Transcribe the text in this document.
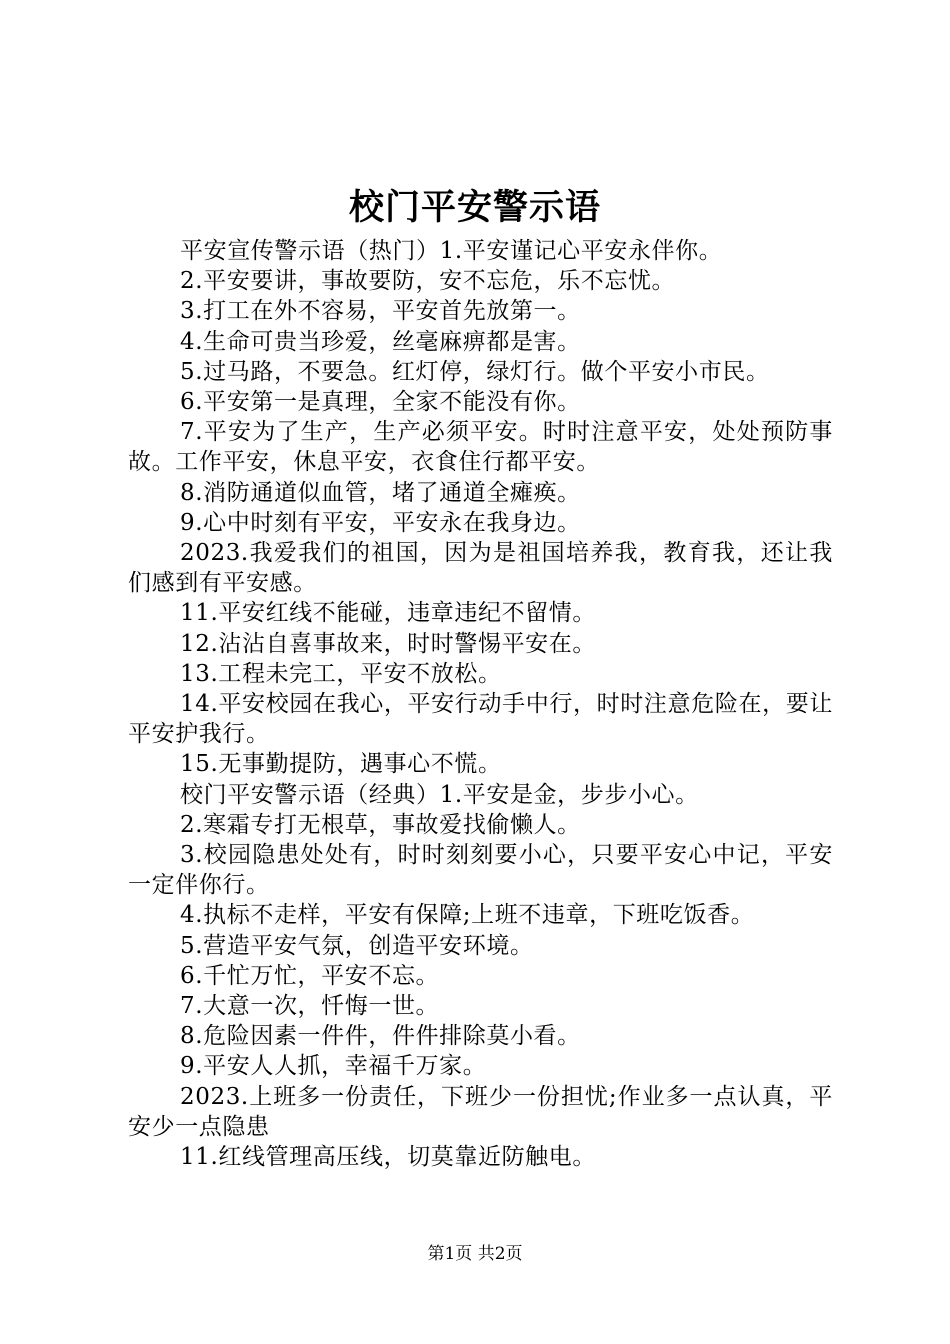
校门平安警示语

平安宣传警示语（热门）1.平安谨记心平安永伴你。

2.平安要讲，事故要防，安不忘危，乐不忘忧。

3.打工在外不容易，平安首先放第一。

4.生命可贵当珍爱，丝毫麻痹都是害。

5.过马路，不要急。红灯停，绿灯行。做个平安小市民。

6.平安第一是真理，全家不能没有你。

7.平安为了生产，生产必须平安。时时注意平安，处处预防事故。工作平安，休息平安，衣食住行都平安。

8.消防通道似血管，堵了通道全瘫痪。

9.心中时刻有平安，平安永在我身边。

2023.我爱我们的祖国，因为是祖国培养我，教育我，还让我们感到有平安感。

11.平安红线不能碰，违章违纪不留情。

12.沾沾自喜事故来，时时警惕平安在。

13.工程未完工，平安不放松。

14.平安校园在我心，平安行动手中行，时时注意危险在，要让平安护我行。

15.无事勤提防，遇事心不慌。

校门平安警示语（经典）1.平安是金，步步小心。

2.寒霜专打无根草，事故爱找偷懒人。

3.校园隐患处处有，时时刻刻要小心，只要平安心中记，平安一定伴你行。

4.执标不走样，平安有保障;上班不违章，下班吃饭香。

5.营造平安气氛，创造平安环境。

6.千忙万忙，平安不忘。

7.大意一次，忏悔一世。

8.危险因素一件件，件件排除莫小看。

9.平安人人抓，幸福千万家。

2023.上班多一份责任，下班少一份担忧;作业多一点认真，平安少一点隐患

11.红线管理高压线，切莫靠近防触电。

第1页 共2页
